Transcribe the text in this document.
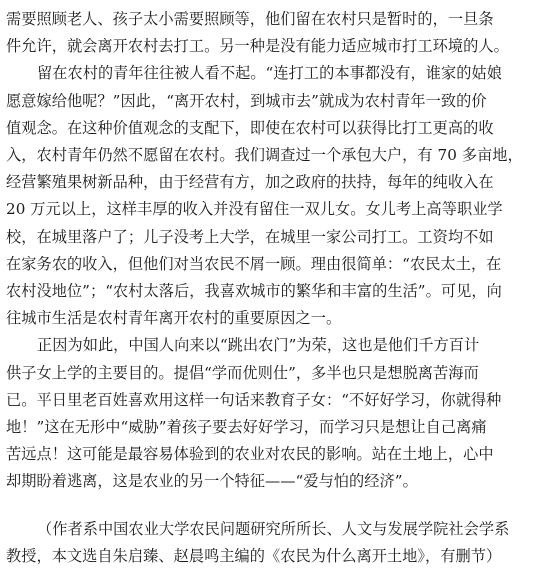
需要照顾老人、孩子太小需要照顾等，他们留在农村只是暂时的，一旦条
件允许，就会离开农村去打工。另一种是没有能力适应城市打工环境的人。

留在农村的青年往往被人看不起。“连打工的本事都没有，谁家的姑娘
愿意嫁给他呢？”因此，“离开农村，到城市去”就成为农村青年一致的价
值观念。在这种价值观念的支配下，即使在农村可以获得比打工更高的收
入，农村青年仍然不愿留在农村。我们调查过一个承包大户，有 70 多亩地，
经营繁殖果树新品种，由于经营有方，加之政府的扶持，每年的纯收入在
20 万元以上，这样丰厚的收入并没有留住一双儿女。女儿考上高等职业学
校，在城里落户了；儿子没考上大学，在城里一家公司打工。工资均不如
在家务农的收入，但他们对当农民不屑一顾。理由很简单：“农民太土，在
农村没地位”；“农村太落后，我喜欢城市的繁华和丰富的生活”。可见，向
往城市生活是农村青年离开农村的重要原因之一。

正因为如此，中国人向来以“跳出农门”为荣，这也是他们千方百计
供子女上学的主要目的。提倡“学而优则仕”，多半也只是想脱离苦海而
已。平日里老百姓喜欢用这样一句话来教育子女：“不好好学习，你就得种
地！”这在无形中“威胁”着孩子要去好好学习，而学习只是想让自己离痛
苦远点！这可能是最容易体验到的农业对农民的影响。站在土地上，心中
却期盼着逃离，这是农业的另一个特征——“爱与怕的经济”。

（作者系中国农业大学农民问题研究所所长、人文与发展学院社会学系
教授，本文选自朱启臻、赵晨鸣主编的《农民为什么离开土地》，有删节）
